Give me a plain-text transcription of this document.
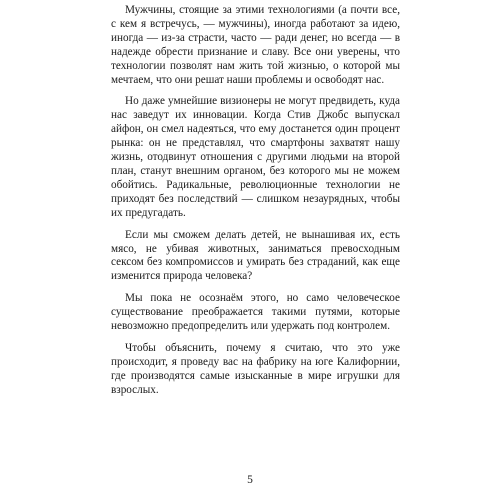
Мужчины, стоящие за этими технологиями (а почти все, с кем я встречусь, — мужчины), иногда работают за идею, иногда — из-за страсти, часто — ради денег, но всегда — в надежде обрести признание и славу. Все они уверены, что технологии позволят нам жить той жизнью, о которой мы мечтаем, что они решат наши проблемы и освободят нас.

Но даже умнейшие визионеры не могут предвидеть, куда нас заведут их инновации. Когда Стив Джобс выпускал айфон, он смел надеяться, что ему достанется один процент рынка: он не представлял, что смартфоны захватят нашу жизнь, отодвинут отношения с другими людьми на второй план, станут внешним органом, без которого мы не можем обойтись. Радикальные, революционные технологии не приходят без последствий — слишком незаурядных, чтобы их предугадать.

Если мы сможем делать детей, не вынашивая их, есть мясо, не убивая животных, заниматься превосходным сексом без компромиссов и умирать без страданий, как еще изменится природа человека?

Мы пока не осознаём этого, но само человеческое существование преображается такими путями, которые невозможно предопределить или удержать под контролем.

Чтобы объяснить, почему я считаю, что это уже происходит, я проведу вас на фабрику на юге Калифорнии, где производятся самые изысканные в мире игрушки для взрослых.

5
